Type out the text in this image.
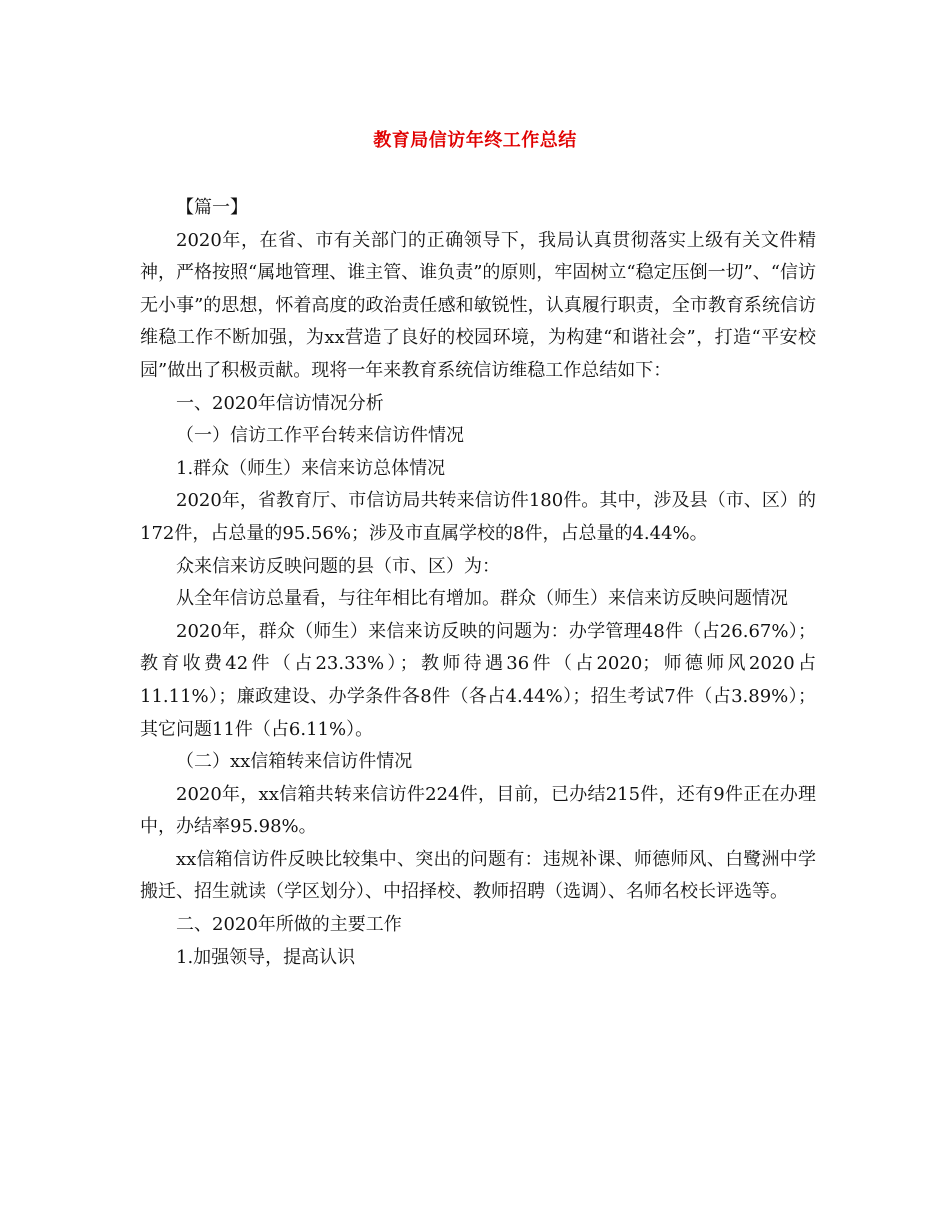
教育局信访年终工作总结

【篇一】

2020年，在省、市有关部门的正确领导下，我局认真贯彻落实上级有关文件精神，严格按照“属地管理、谁主管、谁负责”的原则，牢固树立“稳定压倒一切”、“信访无小事”的思想，怀着高度的政治责任感和敏锐性，认真履行职责，全市教育系统信访维稳工作不断加强，为xx营造了良好的校园环境，为构建“和谐社会”，打造“平安校园”做出了积极贡献。现将一年来教育系统信访维稳工作总结如下：

一、2020年信访情况分析

（一）信访工作平台转来信访件情况

1.群众（师生）来信来访总体情况

2020年，省教育厅、市信访局共转来信访件180件。其中，涉及县（市、区）的172件，占总量的95.56%；涉及市直属学校的8件，占总量的4.44%。

众来信来访反映问题的县（市、区）为：

从全年信访总量看，与往年相比有增加。群众（师生）来信来访反映问题情况

2020年，群众（师生）来信来访反映的问题为：办学管理48件（占26.67%）；教育收费42件（占23.33%）；教师待遇36件（占2020；师德师风2020占11.11%）；廉政建设、办学条件各8件（各占4.44%）；招生考试7件（占3.89%）；其它问题11件（占6.11%）。

（二）xx信箱转来信访件情况

2020年，xx信箱共转来信访件224件，目前，已办结215件，还有9件正在办理中，办结率95.98%。

xx信箱信访件反映比较集中、突出的问题有：违规补课、师德师风、白鹭洲中学搬迁、招生就读（学区划分）、中招择校、教师招聘（选调）、名师名校长评选等。

二、2020年所做的主要工作

1.加强领导，提高认识
